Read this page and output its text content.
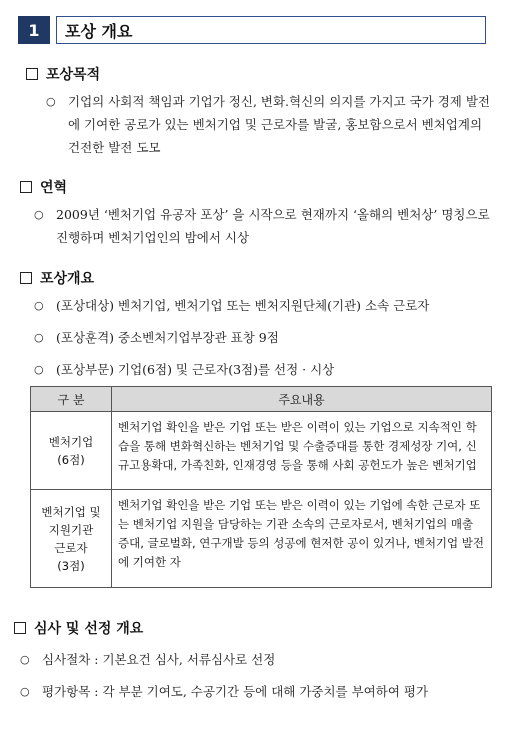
1	포상 개요
포상목적
○ 기업의 사회적 책임과 기업가 정신, 변화.혁신의 의지를 가지고 국가 경제 발전에 기여한 공로가 있는 벤처기업 및 근로자를 발굴, 홍보함으로서 벤처업계의 건전한 발전 도모
연혁
○ 2009년 ‘벤처기업 유공자 포상’ 을 시작으로 현재까지 ‘올해의 벤처상’ 명칭으로 진행하며 벤처기업인의 밤에서 시상
포상개요
○ (포상대상) 벤처기업, 벤처기업 또는 벤처지원단체(기관) 소속 근로자
○ (포상훈격) 중소벤처기업부장관 표창 9점
○ (포상부문) 기업(6점) 및 근로자(3점)를 선정 · 시상
구 분	주요내용

벤처기업
(6점)	벤처기업 확인을 받은 기업 또는 받은 이력이 있는 기업으로 지속적인 학습을 통해 변화혁신하는 벤처기업 및 수출증대를 통한 경제성장 기여, 신규고용확대, 가족친화, 인재경영 등을 통해 사회 공헌도가 높은 벤처기업

벤처기업 및
지원기관
근로자
(3점)	벤처기업 확인을 받은 기업 또는 받은 이력이 있는 기업에 속한 근로자 또는 벤처기업 지원을 담당하는 기관 소속의 근로자로서, 벤처기업의 매출 증대, 글로벌화, 연구개발 등의 성공에 현저한 공이 있거나, 벤처기업 발전에 기여한 자
심사 및 선정 개요
○ 심사절차 : 기본요건 심사, 서류심사로 선정
○ 평가항목 : 각 부분 기여도, 수공기간 등에 대해 가중치를 부여하여 평가
